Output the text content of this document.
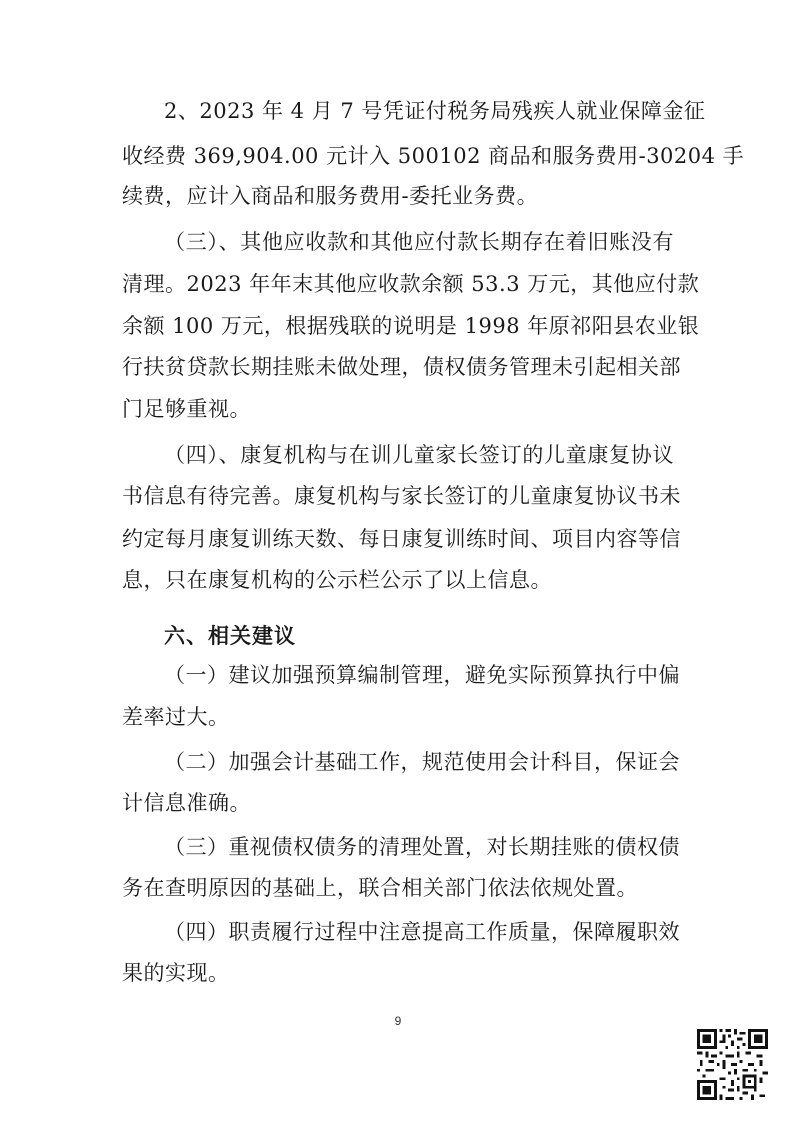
2、2023 年 4 月 7 号凭证付税务局残疾人就业保障金征
收经费 369,904.00 元计入 500102 商品和服务费用-30204 手
续费，应计入商品和服务费用-委托业务费。
（三）、其他应收款和其他应付款长期存在着旧账没有
清理。2023 年年末其他应收款余额 53.3 万元，其他应付款
余额 100 万元，根据残联的说明是 1998 年原祁阳县农业银
行扶贫贷款长期挂账未做处理，债权债务管理未引起相关部
门足够重视。
（四）、康复机构与在训儿童家长签订的儿童康复协议
书信息有待完善。康复机构与家长签订的儿童康复协议书未
约定每月康复训练天数、每日康复训练时间、项目内容等信
息，只在康复机构的公示栏公示了以上信息。
六、相关建议
（一）建议加强预算编制管理，避免实际预算执行中偏
差率过大。
（二）加强会计基础工作，规范使用会计科目，保证会
计信息准确。
（三）重视债权债务的清理处置，对长期挂账的债权债
务在查明原因的基础上，联合相关部门依法依规处置。
（四）职责履行过程中注意提高工作质量，保障履职效
果的实现。
9
